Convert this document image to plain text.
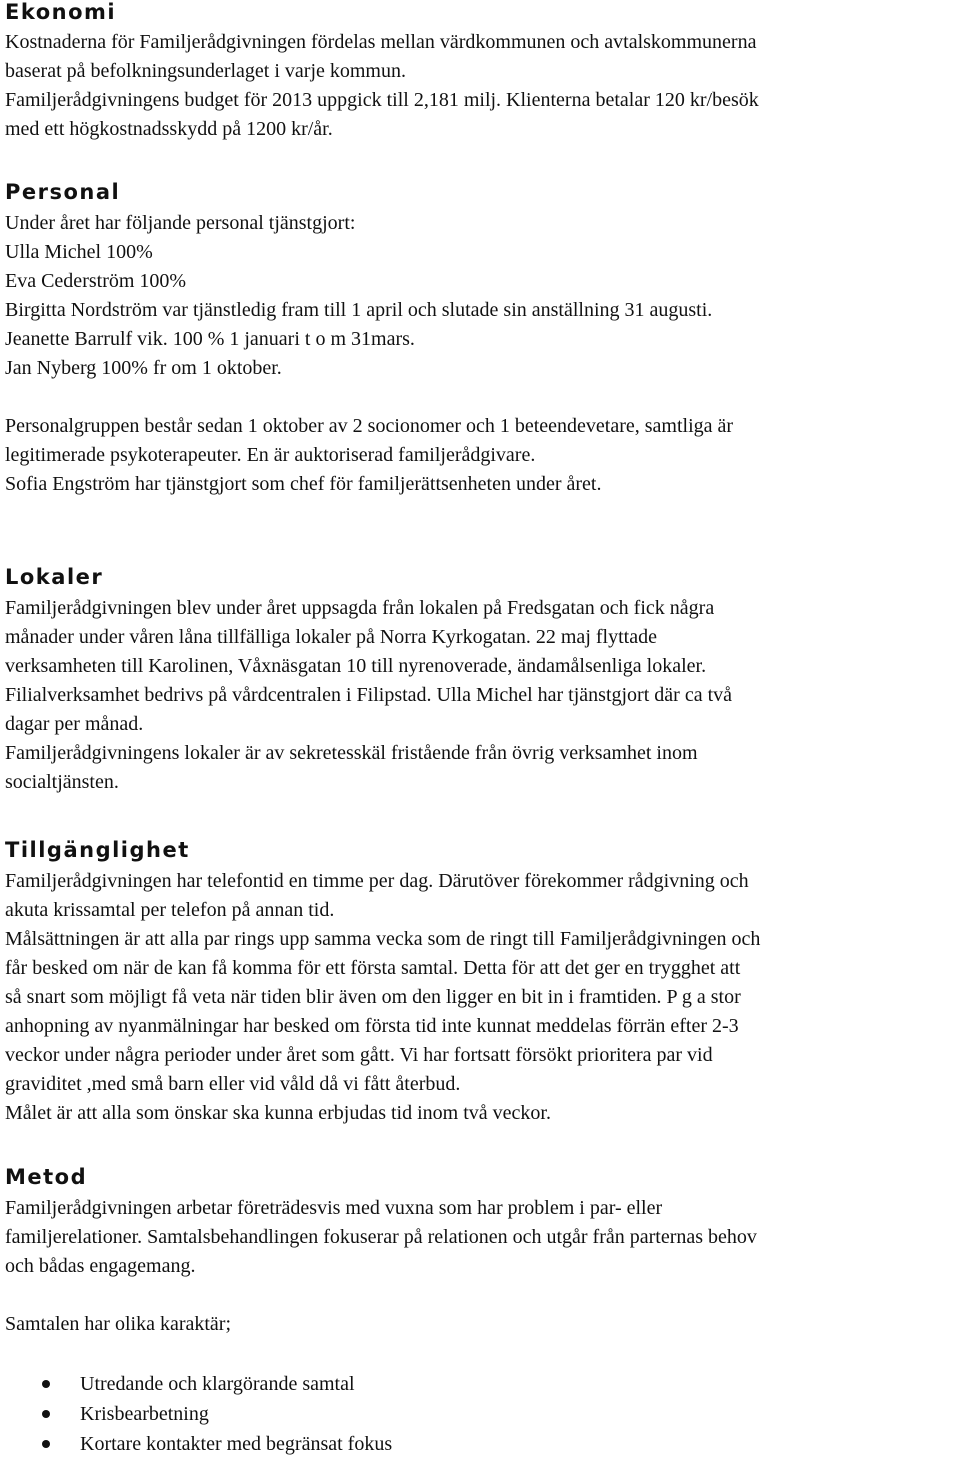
Ekonomi
Kostnaderna för Familjerådgivningen fördelas mellan värdkommunen och avtalskommunerna
baserat på befolkningsunderlaget i varje kommun.
Familjerådgivningens budget för 2013 uppgick till 2,181 milj. Klienterna betalar 120 kr/besök
med ett högkostnadsskydd på 1200 kr/år.
Personal
Under året har följande personal tjänstgjort:
Ulla Michel 100%
Eva Cederström 100%
Birgitta Nordström var tjänstledig fram till 1 april och slutade sin anställning 31 augusti.
Jeanette Barrulf vik. 100 % 1 januari t o m 31mars.
Jan Nyberg 100% fr om 1 oktober.
Personalgruppen består sedan 1 oktober av 2 socionomer och 1 beteendevetare, samtliga är
legitimerade psykoterapeuter. En är auktoriserad familjerådgivare.
Sofia Engström har tjänstgjort som chef för familjerättsenheten under året.
Lokaler
Familjerådgivningen blev under året uppsagda från lokalen på Fredsgatan och fick några
månader under våren låna tillfälliga lokaler på Norra Kyrkogatan. 22 maj flyttade
verksamheten till Karolinen, Våxnäsgatan 10 till nyrenoverade, ändamålsenliga lokaler.
Filialverksamhet bedrivs på vårdcentralen i Filipstad. Ulla Michel har tjänstgjort där ca två
dagar per månad.
Familjerådgivningens lokaler är av sekretesskäl fristående från övrig verksamhet inom
socialtjänsten.
Tillgänglighet
Familjerådgivningen har telefontid en timme per dag. Därutöver förekommer rådgivning och
akuta krissamtal per telefon på annan tid.
Målsättningen är att alla par rings upp samma vecka som de ringt till Familjerådgivningen och
får besked om när de kan få komma för ett första samtal. Detta för att det ger en trygghet att
så snart som möjligt få veta när tiden blir även om den ligger en bit in i framtiden. P g a stor
anhopning av nyanmälningar har besked om första tid inte kunnat meddelas förrän efter 2-3
veckor under några perioder under året som gått. Vi har fortsatt försökt prioritera par vid
graviditet ,med små barn eller vid våld då vi fått återbud.
Målet är att alla som önskar ska kunna erbjudas tid inom två veckor.
Metod
Familjerådgivningen arbetar företrädesvis med vuxna som har problem i par- eller
familjerelationer. Samtalsbehandlingen fokuserar på relationen och utgår från parternas behov
och bådas engagemang.
Samtalen har olika karaktär;
Utredande och klargörande samtal
Krisbearbetning
Kortare kontakter med begränsat fokus
